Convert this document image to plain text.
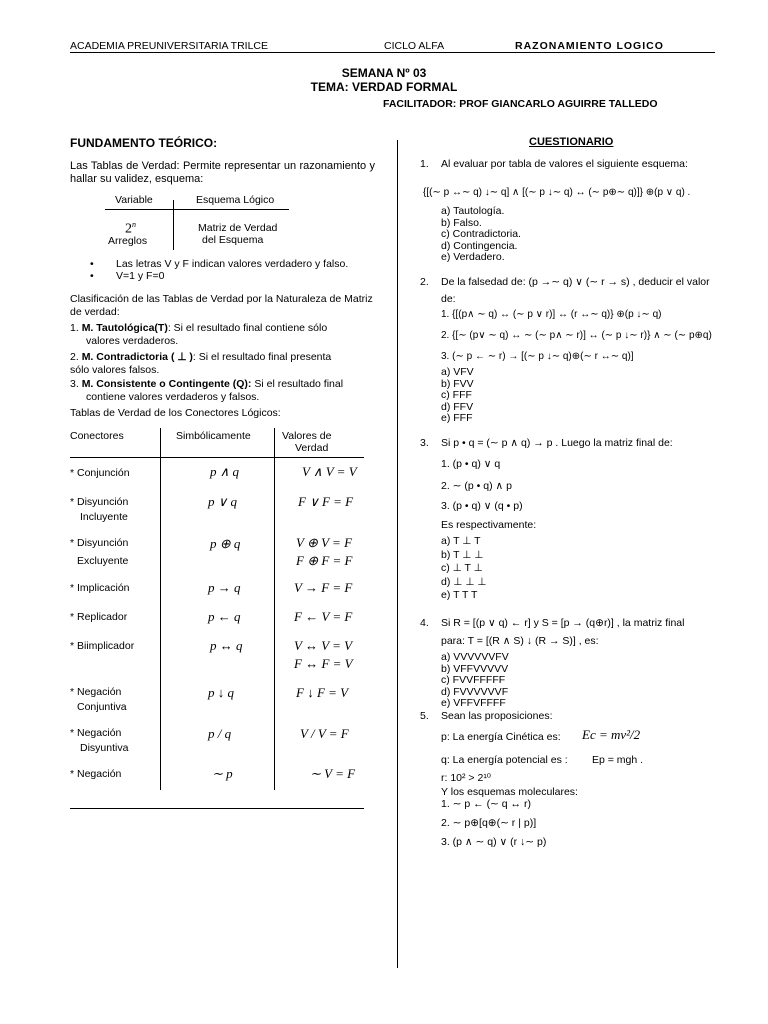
ACADEMIA PREUNIVERSITARIA TRILCE	CICLO ALFA	RAZONAMIENTO LOGICO
SEMANA Nº 03
TEMA: VERDAD FORMAL
FACILITADOR: PROF GIANCARLO AGUIRRE TALLEDO
FUNDAMENTO TEÓRICO:
Las Tablas de Verdad: Permite representar un razonamiento y hallar su validez, esquema:
Variable	Esquema Lógico
2$^n$
Arreglos
Matriz de Verdad
del Esquema
• Las letras V y F indican valores verdadero y falso.
• V=1 y F=0
Clasificación de las Tablas de Verdad por la Naturaleza de Matriz de verdad:
1. M. Tautológica(T): Si el resultado final contiene sólo
valores verdaderos.
2. M. Contradictoria ( ⊥ ): Si el resultado final presenta
sólo valores falsos.
3. M. Consistente o Contingente (Q): Si el resultado final
contiene valores verdaderos y falsos.
Tablas de Verdad de los Conectores Lógicos:
Conectores	Simbólicamente	Valores de
Verdad
* Conjunción	p ∧ q	V ∧ V = V
* Disyunción
Incluyente
p ∨ q	F ∨ F = F
* Disyunción
Excluyente
p ⊕ q	V ⊕ V = F
F ⊕ F = F
* Implicación	p → q	V → F = F
* Replicador	p ← q	F ← V = F
* Biimplicador	p ↔ q	V ↔ V = V
F ↔ F = V
* Negación
Conjuntiva
p ↓ q	F ↓ F = V
* Negación
Disyuntiva
p / q	V / V = F
* Negación	∼ p	∼ V = F
CUESTIONARIO
1. Al evaluar por tabla de valores el siguiente esquema:
{[(∼ p ↔∼ q) ↓∼ q] ∧ [(∼ p ↓∼ q) ↔ (∼ p⊕∼ q)]} ⊕(p ∨ q) .
a) Tautología.
b) Falso.
c) Contradictoria.
d) Contingencia.
e) Verdadero.
2. De la falsedad de: (p →∼ q) ∨ (∼ r → s) , deducir el valor
de:
1. {[(p∧ ∼ q) ↔ (∼ p ∨ r)] ↔ (r ↔∼ q)} ⊕(p ↓∼ q)
2. {[∼ (p∨ ∼ q) ↔ ∼ (∼ p∧ ∼ r)] ↔ (∼ p ↓∼ r)} ∧ ∼ (∼ p⊕q)
3. (∼ p ← ∼ r) → [(∼ p ↓∼ q)⊕(∼ r ↔∼ q)]
a) VFV
b) FVV
c) FFF
d) FFV
e) FFF
3. Si p • q = (∼ p ∧ q) → p . Luego la matriz final de:
1. (p • q) ∨ q
2. ∼ (p • q) ∧ p
3. (p • q) ∨ (q • p)
Es respectivamente:
a) T ⊥ T
b) T ⊥ ⊥
c) ⊥ T ⊥
d) ⊥ ⊥ ⊥
e) T T T
4. Si R = [(p ∨ q) ← r] y S = [p → (q⊕r)] , la matriz final
para: T = [(R ∧ S) ↓ (R → S)] , es:
a) VVVVVVFV
b) VFFVVVVV
c) FVVFFFFF
d) FVVVVVVF
e) VFFVFFFF
5. Sean las proposiciones:
p: La energía Cinética es: Ec = mv²/2
q: La energía potencial es : Ep = mgh .
r: 10² > 2¹⁰
Y los esquemas moleculares:
1. ∼ p ← (∼ q ↔ r)
2. ∼ p⊕[q⊕(∼ r | p)]
3. (p ∧ ∼ q) ∨ (r ↓∼ p)
